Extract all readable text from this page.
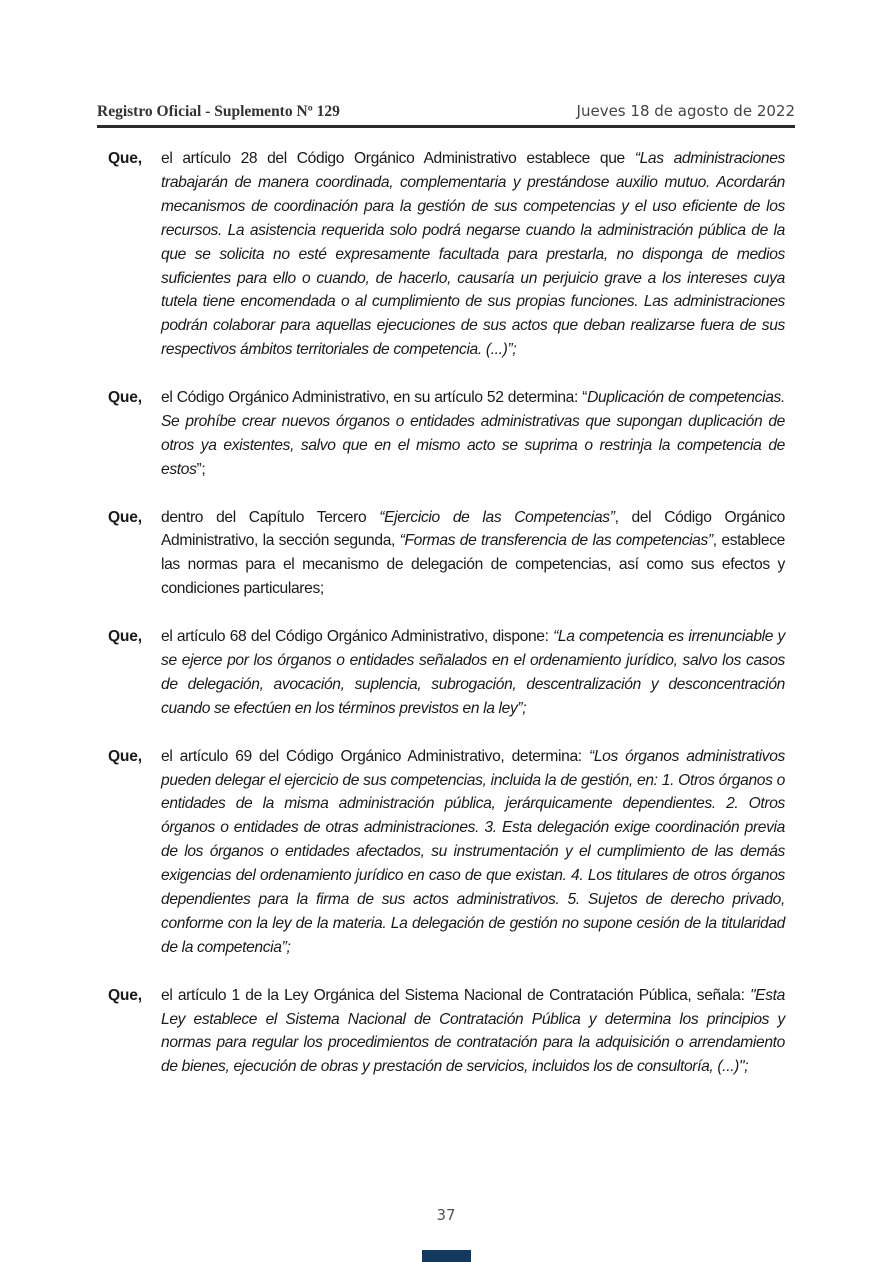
Registro Oficial - Suplemento Nº 129	Jueves 18 de agosto de 2022
Que,	el artículo 28 del Código Orgánico Administrativo establece que “Las administraciones trabajarán de manera coordinada, complementaria y prestándose auxilio mutuo. Acordarán mecanismos de coordinación para la gestión de sus competencias y el uso eficiente de los recursos. La asistencia requerida solo podrá negarse cuando la administración pública de la que se solicita no esté expresamente facultada para prestarla, no disponga de medios suficientes para ello o cuando, de hacerlo, causaría un perjuicio grave a los intereses cuya tutela tiene encomendada o al cumplimiento de sus propias funciones. Las administraciones podrán colaborar para aquellas ejecuciones de sus actos que deban realizarse fuera de sus respectivos ámbitos territoriales de competencia. (...)”;
Que,	el Código Orgánico Administrativo, en su artículo 52 determina: “Duplicación de competencias. Se prohíbe crear nuevos órganos o entidades administrativas que supongan duplicación de otros ya existentes, salvo que en el mismo acto se suprima o restrinja la competencia de estos”;
Que,	dentro del Capítulo Tercero “Ejercicio de las Competencias”, del Código Orgánico Administrativo, la sección segunda, “Formas de transferencia de las competencias”, establece las normas para el mecanismo de delegación de competencias, así como sus efectos y condiciones particulares;
Que,	el artículo 68 del Código Orgánico Administrativo, dispone: “La competencia es irrenunciable y se ejerce por los órganos o entidades señalados en el ordenamiento jurídico, salvo los casos de delegación, avocación, suplencia, subrogación, descentralización y desconcentración cuando se efectúen en los términos previstos en la ley”;
Que,	el artículo 69 del Código Orgánico Administrativo, determina: “Los órganos administrativos pueden delegar el ejercicio de sus competencias, incluida la de gestión, en: 1. Otros órganos o entidades de la misma administración pública, jerárquicamente dependientes. 2. Otros órganos o entidades de otras administraciones. 3. Esta delegación exige coordinación previa de los órganos o entidades afectados, su instrumentación y el cumplimiento de las demás exigencias del ordenamiento jurídico en caso de que existan. 4. Los titulares de otros órganos dependientes para la firma de sus actos administrativos. 5. Sujetos de derecho privado, conforme con la ley de la materia. La delegación de gestión no supone cesión de la titularidad de la competencia”;
Que,	el artículo 1 de la Ley Orgánica del Sistema Nacional de Contratación Pública, señala: "Esta Ley establece el Sistema Nacional de Contratación Pública y determina los principios y normas para regular los procedimientos de contratación para la adquisición o arrendamiento de bienes, ejecución de obras y prestación de servicios, incluidos los de consultoría, (...)";
37
